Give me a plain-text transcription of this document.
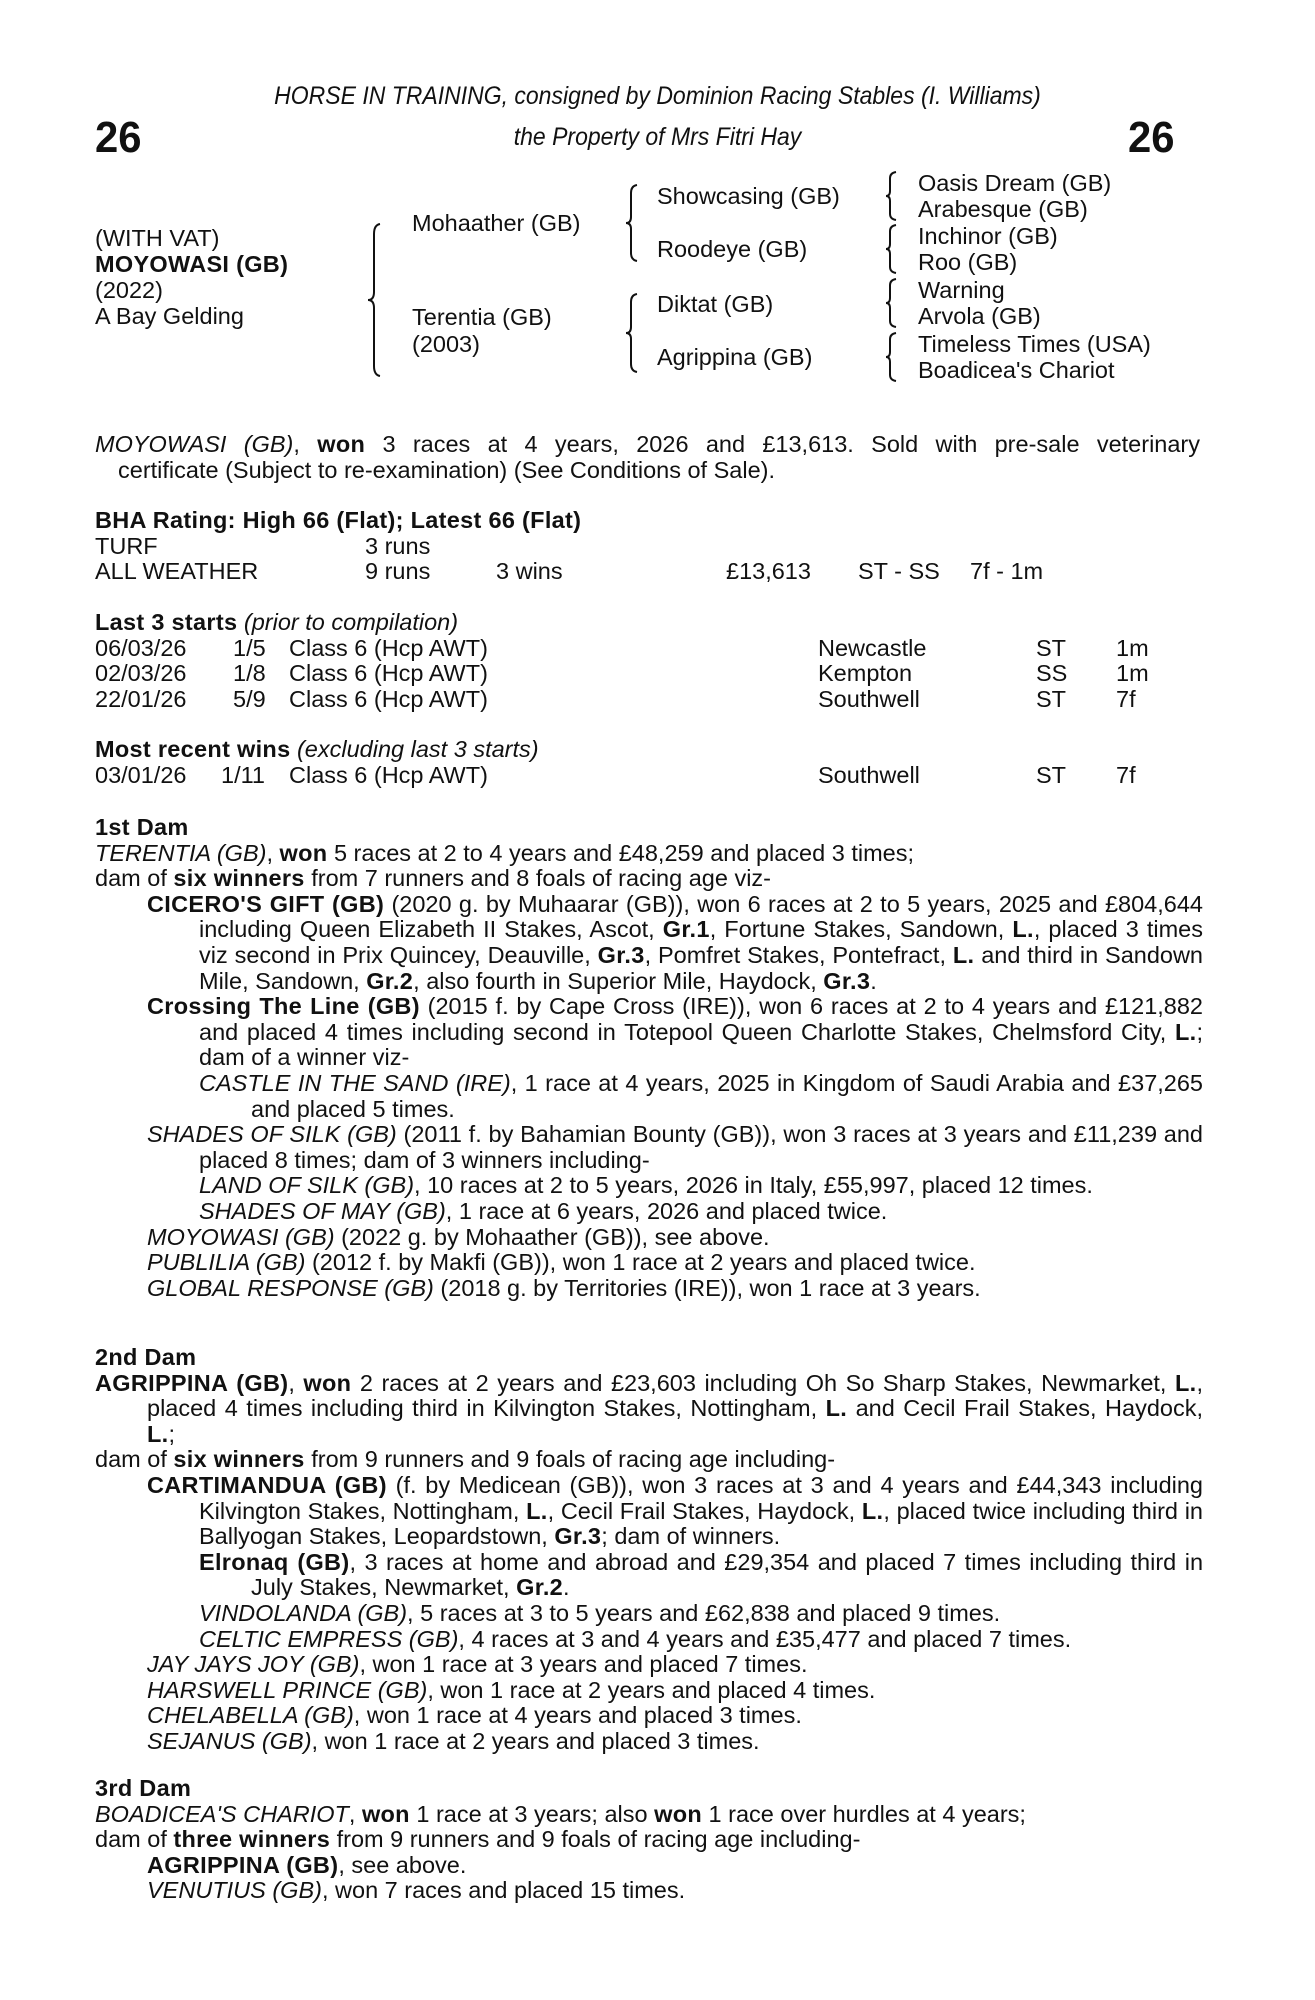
HORSE IN TRAINING, consigned by Dominion Racing Stables (I. Williams)
the Property of Mrs Fitri Hay
26	26
(WITH VAT)
MOYOWASI (GB)
(2022)
A Bay Gelding
Mohaather (GB)
Terentia (GB)
(2003)
Showcasing (GB)
Roodeye (GB)
Diktat (GB)
Agrippina (GB)
Oasis Dream (GB)
Arabesque (GB)
Inchinor (GB)
Roo (GB)
Warning
Arvola (GB)
Timeless Times (USA)
Boadicea's Chariot
MOYOWASI (GB), won 3 races at 4 years, 2026 and £13,613. Sold with pre-sale veterinary
certificate (Subject to re-examination) (See Conditions of Sale).
BHA Rating: High 66 (Flat); Latest 66 (Flat)
TURF	3 runs
ALL WEATHER	9 runs	3 wins	£13,613 ST - SS 7f - 1m
Last 3 starts (prior to compilation)
06/03/26 1/5 Class 6 (Hcp AWT)	Newcastle	ST 1m
02/03/26 1/8 Class 6 (Hcp AWT)	Kempton	SS 1m
22/01/26 5/9 Class 6 (Hcp AWT)	Southwell	ST 7f
Most recent wins (excluding last 3 starts)
03/01/26 1/11 Class 6 (Hcp AWT)	Southwell	ST 7f
1st Dam
TERENTIA (GB), won 5 races at 2 to 4 years and £48,259 and placed 3 times;
dam of six winners from 7 runners and 8 foals of racing age viz-
CICERO'S GIFT (GB) (2020 g. by Muhaarar (GB)), won 6 races at 2 to 5 years, 2025 and £804,644 including Queen Elizabeth II Stakes, Ascot, Gr.1, Fortune Stakes, Sandown, L., placed 3 times viz second in Prix Quincey, Deauville, Gr.3, Pomfret Stakes, Pontefract, L. and third in Sandown Mile, Sandown, Gr.2, also fourth in Superior Mile, Haydock, Gr.3.
Crossing The Line (GB) (2015 f. by Cape Cross (IRE)), won 6 races at 2 to 4 years and £121,882 and placed 4 times including second in Totepool Queen Charlotte Stakes, Chelmsford City, L.; dam of a winner viz-
CASTLE IN THE SAND (IRE), 1 race at 4 years, 2025 in Kingdom of Saudi Arabia and £37,265 and placed 5 times.
SHADES OF SILK (GB) (2011 f. by Bahamian Bounty (GB)), won 3 races at 3 years and £11,239 and placed 8 times; dam of 3 winners including-
LAND OF SILK (GB), 10 races at 2 to 5 years, 2026 in Italy, £55,997, placed 12 times.
SHADES OF MAY (GB), 1 race at 6 years, 2026 and placed twice.
MOYOWASI (GB) (2022 g. by Mohaather (GB)), see above.
PUBLILIA (GB) (2012 f. by Makfi (GB)), won 1 race at 2 years and placed twice.
GLOBAL RESPONSE (GB) (2018 g. by Territories (IRE)), won 1 race at 3 years.
2nd Dam
AGRIPPINA (GB), won 2 races at 2 years and £23,603 including Oh So Sharp Stakes, Newmarket, L., placed 4 times including third in Kilvington Stakes, Nottingham, L. and Cecil Frail Stakes, Haydock, L.;
dam of six winners from 9 runners and 9 foals of racing age including-
CARTIMANDUA (GB) (f. by Medicean (GB)), won 3 races at 3 and 4 years and £44,343 including Kilvington Stakes, Nottingham, L., Cecil Frail Stakes, Haydock, L., placed twice including third in Ballyogan Stakes, Leopardstown, Gr.3; dam of winners.
Elronaq (GB), 3 races at home and abroad and £29,354 and placed 7 times including third in July Stakes, Newmarket, Gr.2.
VINDOLANDA (GB), 5 races at 3 to 5 years and £62,838 and placed 9 times.
CELTIC EMPRESS (GB), 4 races at 3 and 4 years and £35,477 and placed 7 times.
JAY JAYS JOY (GB), won 1 race at 3 years and placed 7 times.
HARSWELL PRINCE (GB), won 1 race at 2 years and placed 4 times.
CHELABELLA (GB), won 1 race at 4 years and placed 3 times.
SEJANUS (GB), won 1 race at 2 years and placed 3 times.
3rd Dam
BOADICEA'S CHARIOT, won 1 race at 3 years; also won 1 race over hurdles at 4 years;
dam of three winners from 9 runners and 9 foals of racing age including-
AGRIPPINA (GB), see above.
VENUTIUS (GB), won 7 races and placed 15 times.
